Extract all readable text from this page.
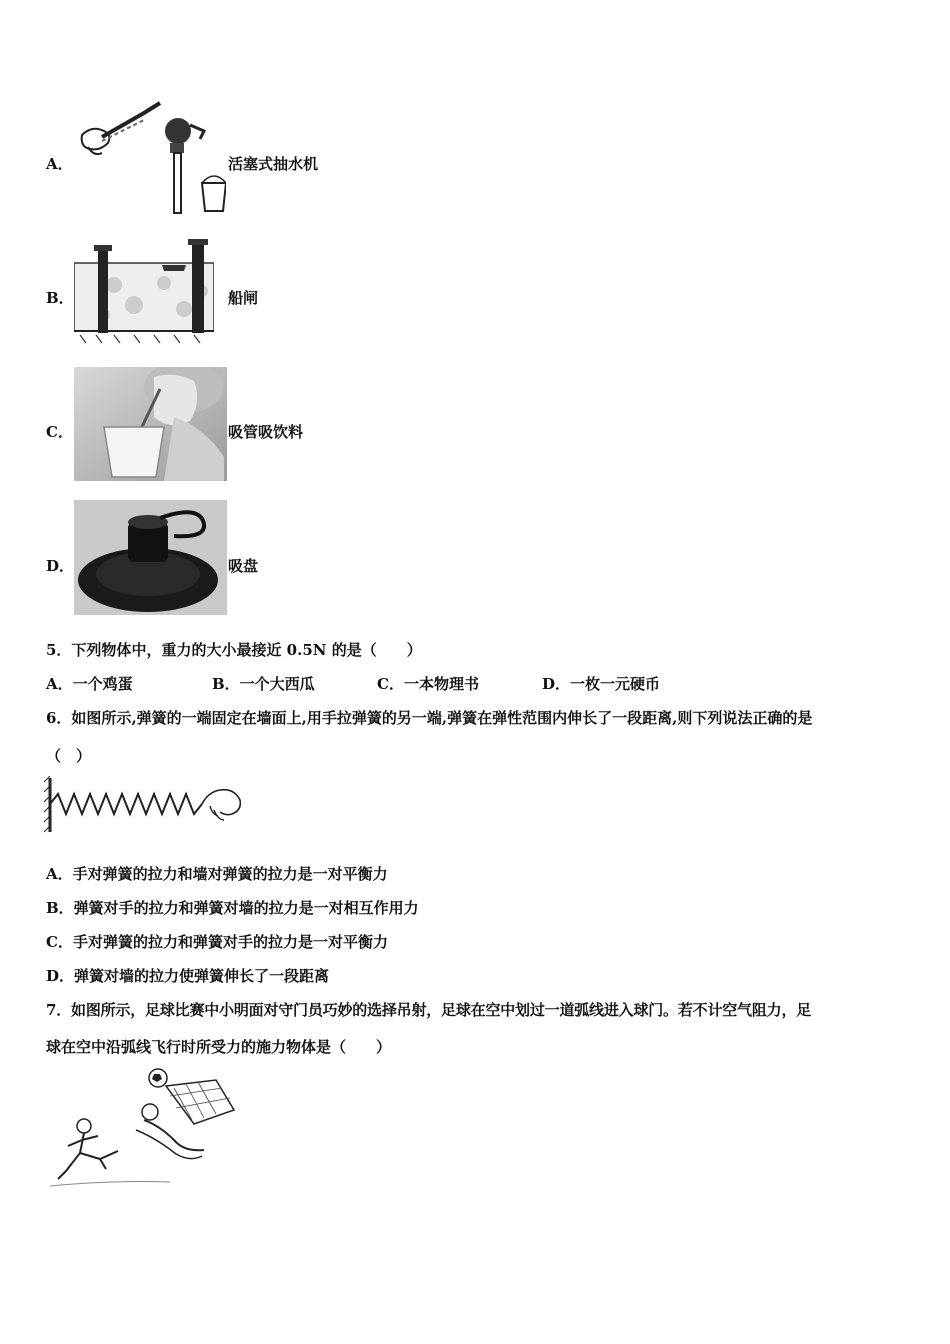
A．	活塞式抽水机
B．	船闸
C．	吸管吸饮料
D．	吸盘
5．下列物体中，重力的大小最接近 0.5N 的是（　　）
A．一个鸡蛋	B．一个大西瓜	C．一本物理书	D．一枚一元硬币
6．如图所示,弹簧的一端固定在墙面上,用手拉弹簧的另一端,弹簧在弹性范围内伸长了一段距离,则下列说法正确的是
（　）
A．手对弹簧的拉力和墙对弹簧的拉力是一对平衡力
B．弹簧对手的拉力和弹簧对墙的拉力是一对相互作用力
C．手对弹簧的拉力和弹簧对手的拉力是一对平衡力
D．弹簧对墙的拉力使弹簧伸长了一段距离
7．如图所示，足球比赛中小明面对守门员巧妙的选择吊射，足球在空中划过一道弧线进入球门。若不计空气阻力，足
球在空中沿弧线飞行时所受力的施力物体是（　　）
